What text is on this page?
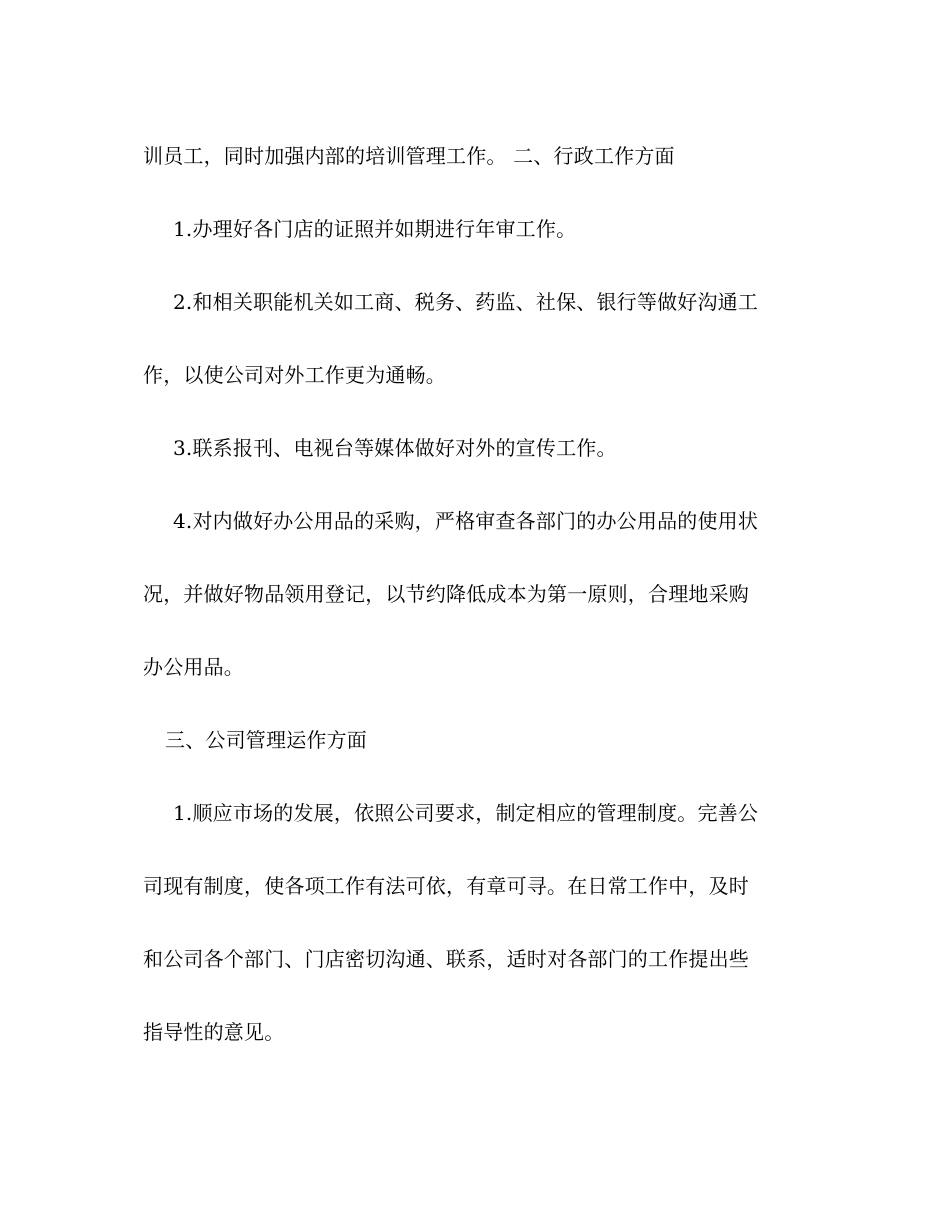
训员工，同时加强内部的培训管理工作。 二、行政工作方面
1.办理好各门店的证照并如期进行年审工作。
2.和相关职能机关如工商、税务、药监、社保、银行等做好沟通工
作，以使公司对外工作更为通畅。
3.联系报刊、电视台等媒体做好对外的宣传工作。
4.对内做好办公用品的采购，严格审查各部门的办公用品的使用状
况，并做好物品领用登记，以节约降低成本为第一原则，合理地采购
办公用品。
三、公司管理运作方面
1.顺应市场的发展，依照公司要求，制定相应的管理制度。完善公
司现有制度，使各项工作有法可依，有章可寻。在日常工作中，及时
和公司各个部门、门店密切沟通、联系，适时对各部门的工作提出些
指导性的意见。
